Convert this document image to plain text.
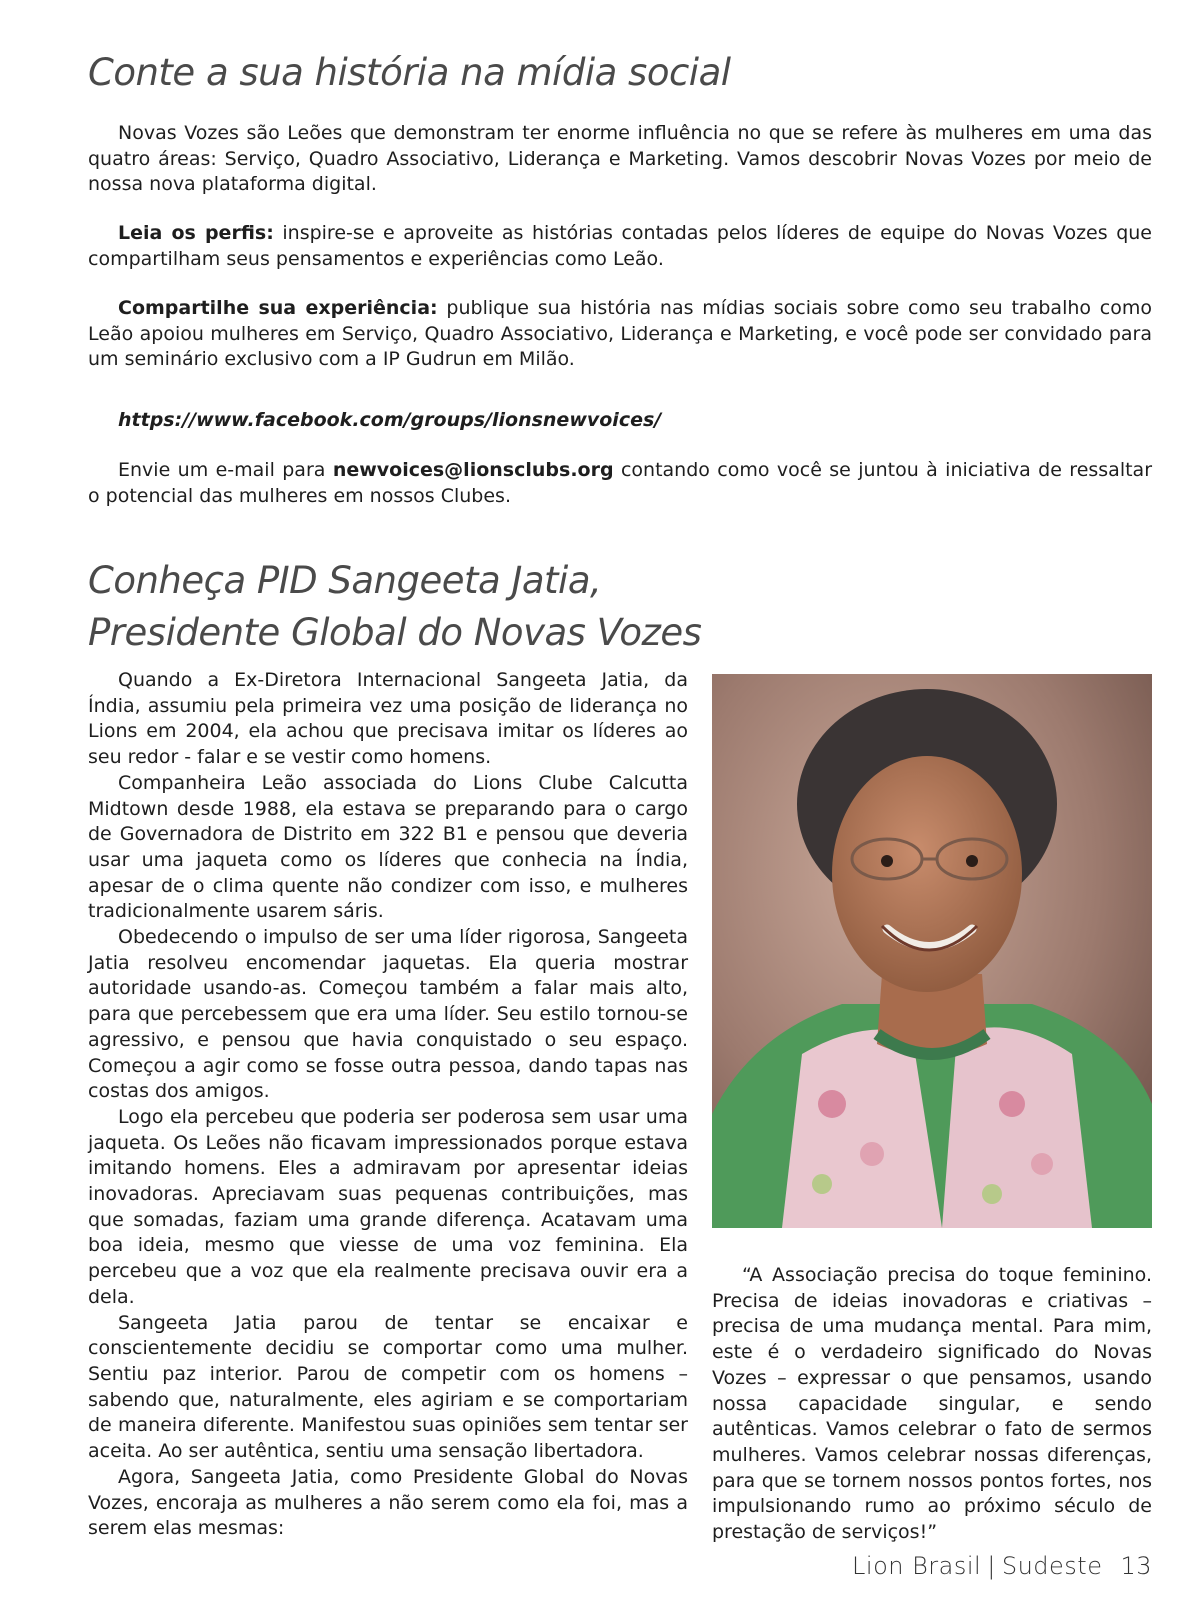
Conte a sua história na mídia social

Novas Vozes são Leões que demonstram ter enorme influência no que se refere às mulheres em uma das quatro áreas: Serviço, Quadro Associativo, Liderança e Marketing. Vamos descobrir Novas Vozes por meio de nossa nova plataforma digital.

Leia os perfis: inspire-se e aproveite as histórias contadas pelos líderes de equipe do Novas Vozes que compartilham seus pensamentos e experiências como Leão.

Compartilhe sua experiência: publique sua história nas mídias sociais sobre como seu trabalho como Leão apoiou mulheres em Serviço, Quadro Associativo, Liderança e Marketing, e você pode ser convidado para um seminário exclusivo com a IP Gudrun em Milão.

https://www.facebook.com/groups/lionsnewvoices/

Envie um e-mail para newvoices@lionsclubs.org contando como você se juntou à iniciativa de ressaltar o potencial das mulheres em nossos Clubes.

Conheça PID Sangeeta Jatia,
Presidente Global do Novas Vozes

Quando a Ex-Diretora Internacional Sangeeta Jatia, da Índia, assumiu pela primeira vez uma posição de liderança no Lions em 2004, ela achou que precisava imitar os líderes ao seu redor - falar e se vestir como homens.

Companheira Leão associada do Lions Clube Calcutta Midtown desde 1988, ela estava se preparando para o cargo de Governadora de Distrito em 322 B1 e pensou que deveria usar uma jaqueta como os líderes que conhecia na Índia, apesar de o clima quente não condizer com isso, e mulheres tradicionalmente usarem sáris.

Obedecendo o impulso de ser uma líder rigorosa, Sangeeta Jatia resolveu encomendar jaquetas. Ela queria mostrar autoridade usando-as. Começou também a falar mais alto, para que percebessem que era uma líder. Seu estilo tornou-se agressivo, e pensou que havia conquistado o seu espaço. Começou a agir como se fosse outra pessoa, dando tapas nas costas dos amigos.

Logo ela percebeu que poderia ser poderosa sem usar uma jaqueta. Os Leões não ficavam impressionados porque estava imitando homens. Eles a admiravam por apresentar ideias inovadoras. Apreciavam suas pequenas contribuições, mas que somadas, faziam uma grande diferença. Acatavam uma boa ideia, mesmo que viesse de uma voz feminina. Ela percebeu que a voz que ela realmente precisava ouvir era a dela.

Sangeeta Jatia parou de tentar se encaixar e conscientemente decidiu se comportar como uma mulher. Sentiu paz interior. Parou de competir com os homens – sabendo que, naturalmente, eles agiriam e se comportariam de maneira diferente. Manifestou suas opiniões sem tentar ser aceita. Ao ser autêntica, sentiu uma sensação libertadora.

Agora, Sangeeta Jatia, como Presidente Global do Novas Vozes, encoraja as mulheres a não serem como ela foi, mas a serem elas mesmas:

“A Associação precisa do toque feminino. Precisa de ideias inovadoras e criativas – precisa de uma mudança mental. Para mim, este é o verdadeiro significado do Novas Vozes – expressar o que pensamos, usando nossa capacidade singular, e sendo autênticas. Vamos celebrar o fato de sermos mulheres. Vamos celebrar nossas diferenças, para que se tornem nossos pontos fortes, nos impulsionando rumo ao próximo século de prestação de serviços!”

Lion Brasil | Sudeste 13
